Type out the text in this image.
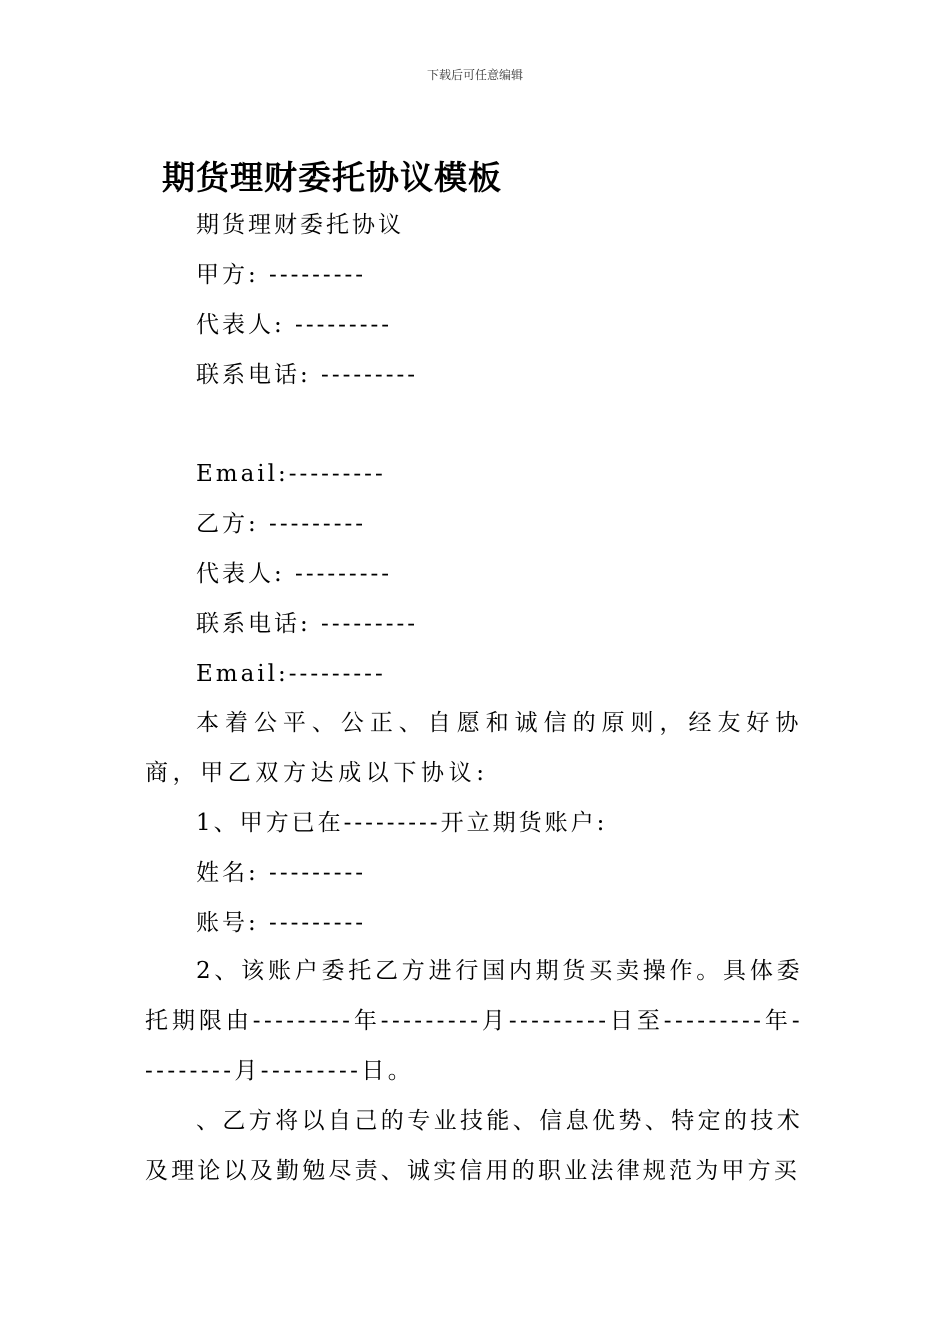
下载后可任意编辑
期货理财委托协议模板
期货理财委托协议
甲方: ---------
代表人: ---------
联系电话: ---------
Email:---------
乙方: ---------
代表人: ---------
联系电话: ---------
Email:---------
本着公平、公正、自愿和诚信的原则，经友好协商，甲乙双方达成以下协议:
1、甲方已在---------开立期货账户:
姓名: ---------
账号: ---------
2、该账户委托乙方进行国内期货买卖操作。具体委托期限由---------年---------月---------日至---------年---------月---------日。
、乙方将以自己的专业技能、信息优势、特定的技术及理论以及勤勉尽责、诚实信用的职业法律规范为甲方买
